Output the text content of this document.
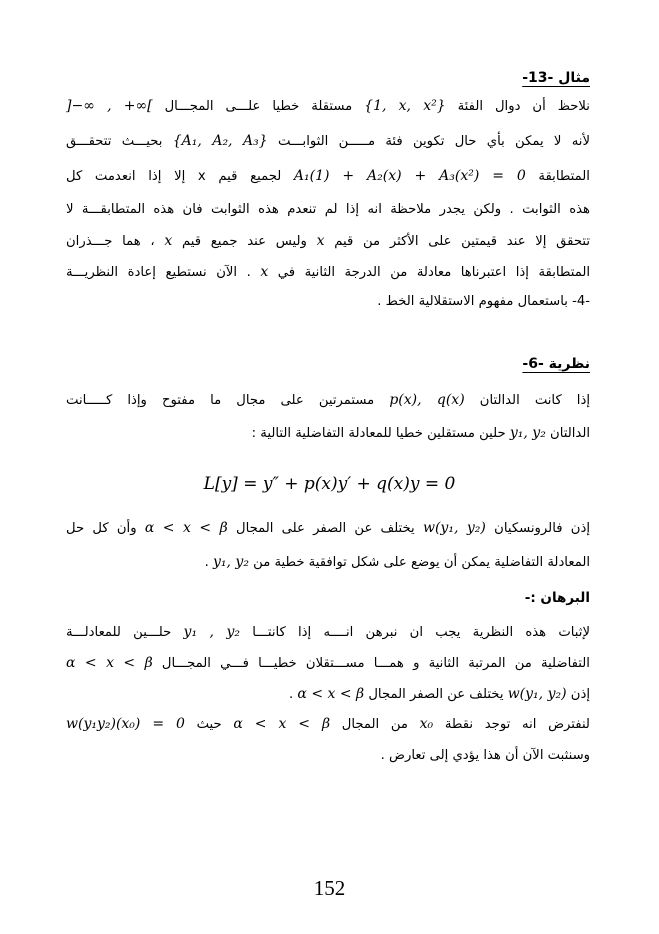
مثال -13-
نلاحظ أن دوال الفئة {1, x, x²} مستقلة خطيا علـــى المجـــال ]−∞ , +∞[
لأنه لا يمكن بأي حال تكوين فئة مـــــن الثوابـــت {A₁, A₂, A₃} بحيـــث تتحقـــق
المتطابقة A₁(1) + A₂(x) + A₃(x²) = 0 لجميع قيم x إلا إذا انعدمت كل
هذه الثوابت . ولكن يجدر ملاحظة انه إذا لم تنعدم هذه الثوابت فان هذه المتطابقـــة لا
تتحقق إلا عند قيمتين على الأكثر من قيم x وليس عند جميع قيم x ، هما جـــذران
المتطابقة إذا اعتبرناها معادلة من الدرجة الثانية في x . الآن نستطيع إعادة النظريـــة
-4- باستعمال مفهوم الاستقلالية الخط .
نظرية -6-
إذا كانت الدالتان p(x), q(x) مستمرتين على مجال ما مفتوح وإذا كـــــانت
الدالتان y₁, y₂ حلين مستقلين خطيا للمعادلة التفاضلية التالية :
L[y] = y″ + p(x)y′ + q(x)y = 0
إذن فالرونسكيان w(y₁, y₂) يختلف عن الصفر على المجال α < x < β وأن كل حل
المعادلة التفاضلية يمكن أن يوضع على شكل توافقية خطية من y₁, y₂ .
البرهان :-
لإثبات هذه النظرية يجب ان نبرهن انــــه إذا كانتـــا y₁ , y₂ حلـــين للمعادلـــة
التفاضلية من المرتبة الثانية و همـــا مســـتقلان خطيـــا فـــي المجـــال α < x < β
إذن w(y₁, y₂) يختلف عن الصفر المجال α < x < β .
لنفترض انه توجد نقطة x₀ من المجال α < x < β حيث w(y₁y₂)(x₀) = 0
وسنثبت الآن أن هذا يؤدي إلى تعارض .
152
